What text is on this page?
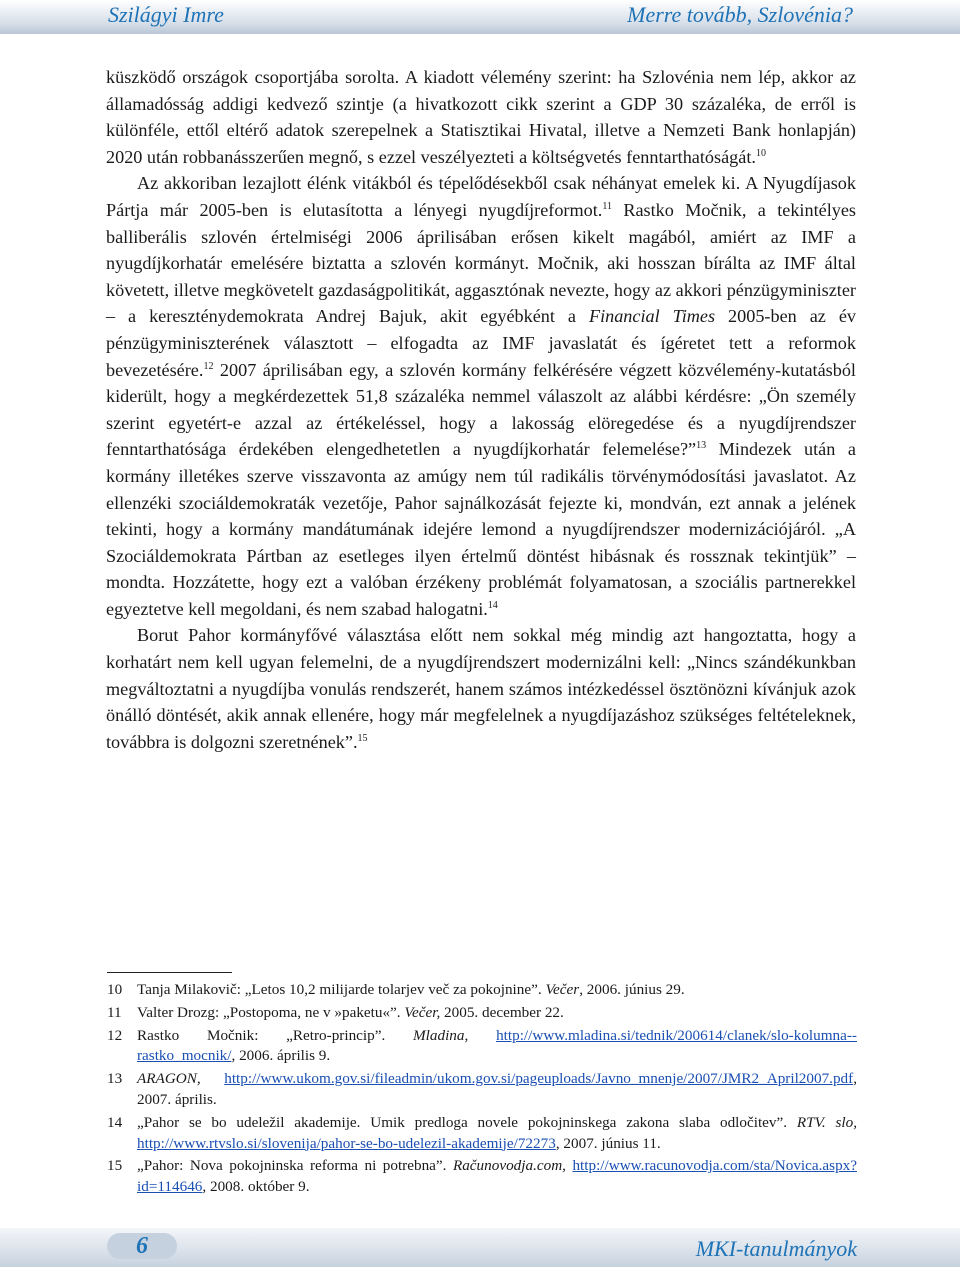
Szilágyi Imre	Merre tovább, Szlovénia?

küszködő országok csoportjába sorolta. A kiadott vélemény szerint: ha Szlovénia nem lép, akkor az államadósság addigi kedvező szintje (a hivatkozott cikk szerint a GDP 30 százaléka, de erről is különféle, ettől eltérő adatok szerepelnek a Statisztikai Hivatal, illetve a Nemzeti Bank honlapján) 2020 után robbanásszerűen megnő, s ezzel veszélyezteti a költségvetés fenntarthatóságát.$^{10}$

Az akkoriban lezajlott élénk vitákból és tépelődésekből csak néhányat emelek ki. A Nyugdíjasok Pártja már 2005-ben is elutasította a lényegi nyugdíjreformot.$^{11}$ Rastko Močnik, a tekintélyes balliberális szlovén értelmiségi 2006 áprilisában erősen kikelt magából, amiért az IMF a nyugdíjkorhatár emelésére biztatta a szlovén kormányt. Močnik, aki hosszan bírálta az IMF által követett, illetve megkövetelt gazdaságpolitikát, aggasztónak nevezte, hogy az akkori pénzügyminiszter – a kereszténydemokrata Andrej Bajuk, akit egyébként a Financial Times 2005-ben az év pénzügyminiszterének választott – elfogadta az IMF javaslatát és ígéretet tett a reformok bevezetésére.$^{12}$ 2007 áprilisában egy, a szlovén kormány felkérésére végzett közvélemény-kutatásból kiderült, hogy a megkérdezettek 51,8 százaléka nemmel válaszolt az alábbi kérdésre: „Ön személy szerint egyetért-e azzal az értékeléssel, hogy a lakosság elöregedése és a nyugdíjrendszer fenntarthatósága érdekében elengedhetetlen a nyugdíjkorhatár felemelése?”$^{13}$ Mindezek után a kormány illetékes szerve visszavonta az amúgy nem túl radikális törvénymódosítási javaslatot. Az ellenzéki szociáldemokraták vezetője, Pahor sajnálkozását fejezte ki, mondván, ezt annak a jelének tekinti, hogy a kormány mandátumának idejére lemond a nyugdíjrendszer modernizációjáról. „A Szociáldemokrata Pártban az esetleges ilyen értelmű döntést hibásnak és rossznak tekintjük” – mondta. Hozzátette, hogy ezt a valóban érzékeny problémát folyamatosan, a szociális partnerekkel egyeztetve kell megoldani, és nem szabad halogatni.$^{14}$

Borut Pahor kormányfővé választása előtt nem sokkal még mindig azt hangoztatta, hogy a korhatárt nem kell ugyan felemelni, de a nyugdíjrendszert modernizálni kell: „Nincs szándékunkban megváltoztatni a nyugdíjba vonulás rendszerét, hanem számos intézkedéssel ösztönözni kívánjuk azok önálló döntését, akik annak ellenére, hogy már megfelelnek a nyugdíjazáshoz szükséges feltételeknek, továbbra is dolgozni szeretnének”.$^{15}$

10 Tanja Milakovič: „Letos 10,2 milijarde tolarjev več za pokojnine”. Večer, 2006. június 29.
11	Valter Drozg: „Postopoma, ne v »paketu«”. Večer, 2005. december 22.
12 Rastko Močnik: „Retro-princip”. Mladina, http://www.mladina.si/tednik/200614/clanek/slo-kolumna--rastko_mocnik/, 2006. április 9.
13 ARAGON, http://www.ukom.gov.si/fileadmin/ukom.gov.si/pageuploads/Javno_mnenje/2007/JMR2_April2007.pdf, 2007. április.
14 „Pahor se bo udeležil akademije. Umik predloga novele pokojninskega zakona slaba odločitev”. RTV. slo, http://www.rtvslo.si/slovenija/pahor-se-bo-udelezil-akademije/72273, 2007. június 11.
15 „Pahor: Nova pokojninska reforma ni potrebna”. Računovodja.com, http://www.racunovodja.com/sta/Novica.aspx?id=114646, 2008. október 9.
6	MKI-tanulmányok
